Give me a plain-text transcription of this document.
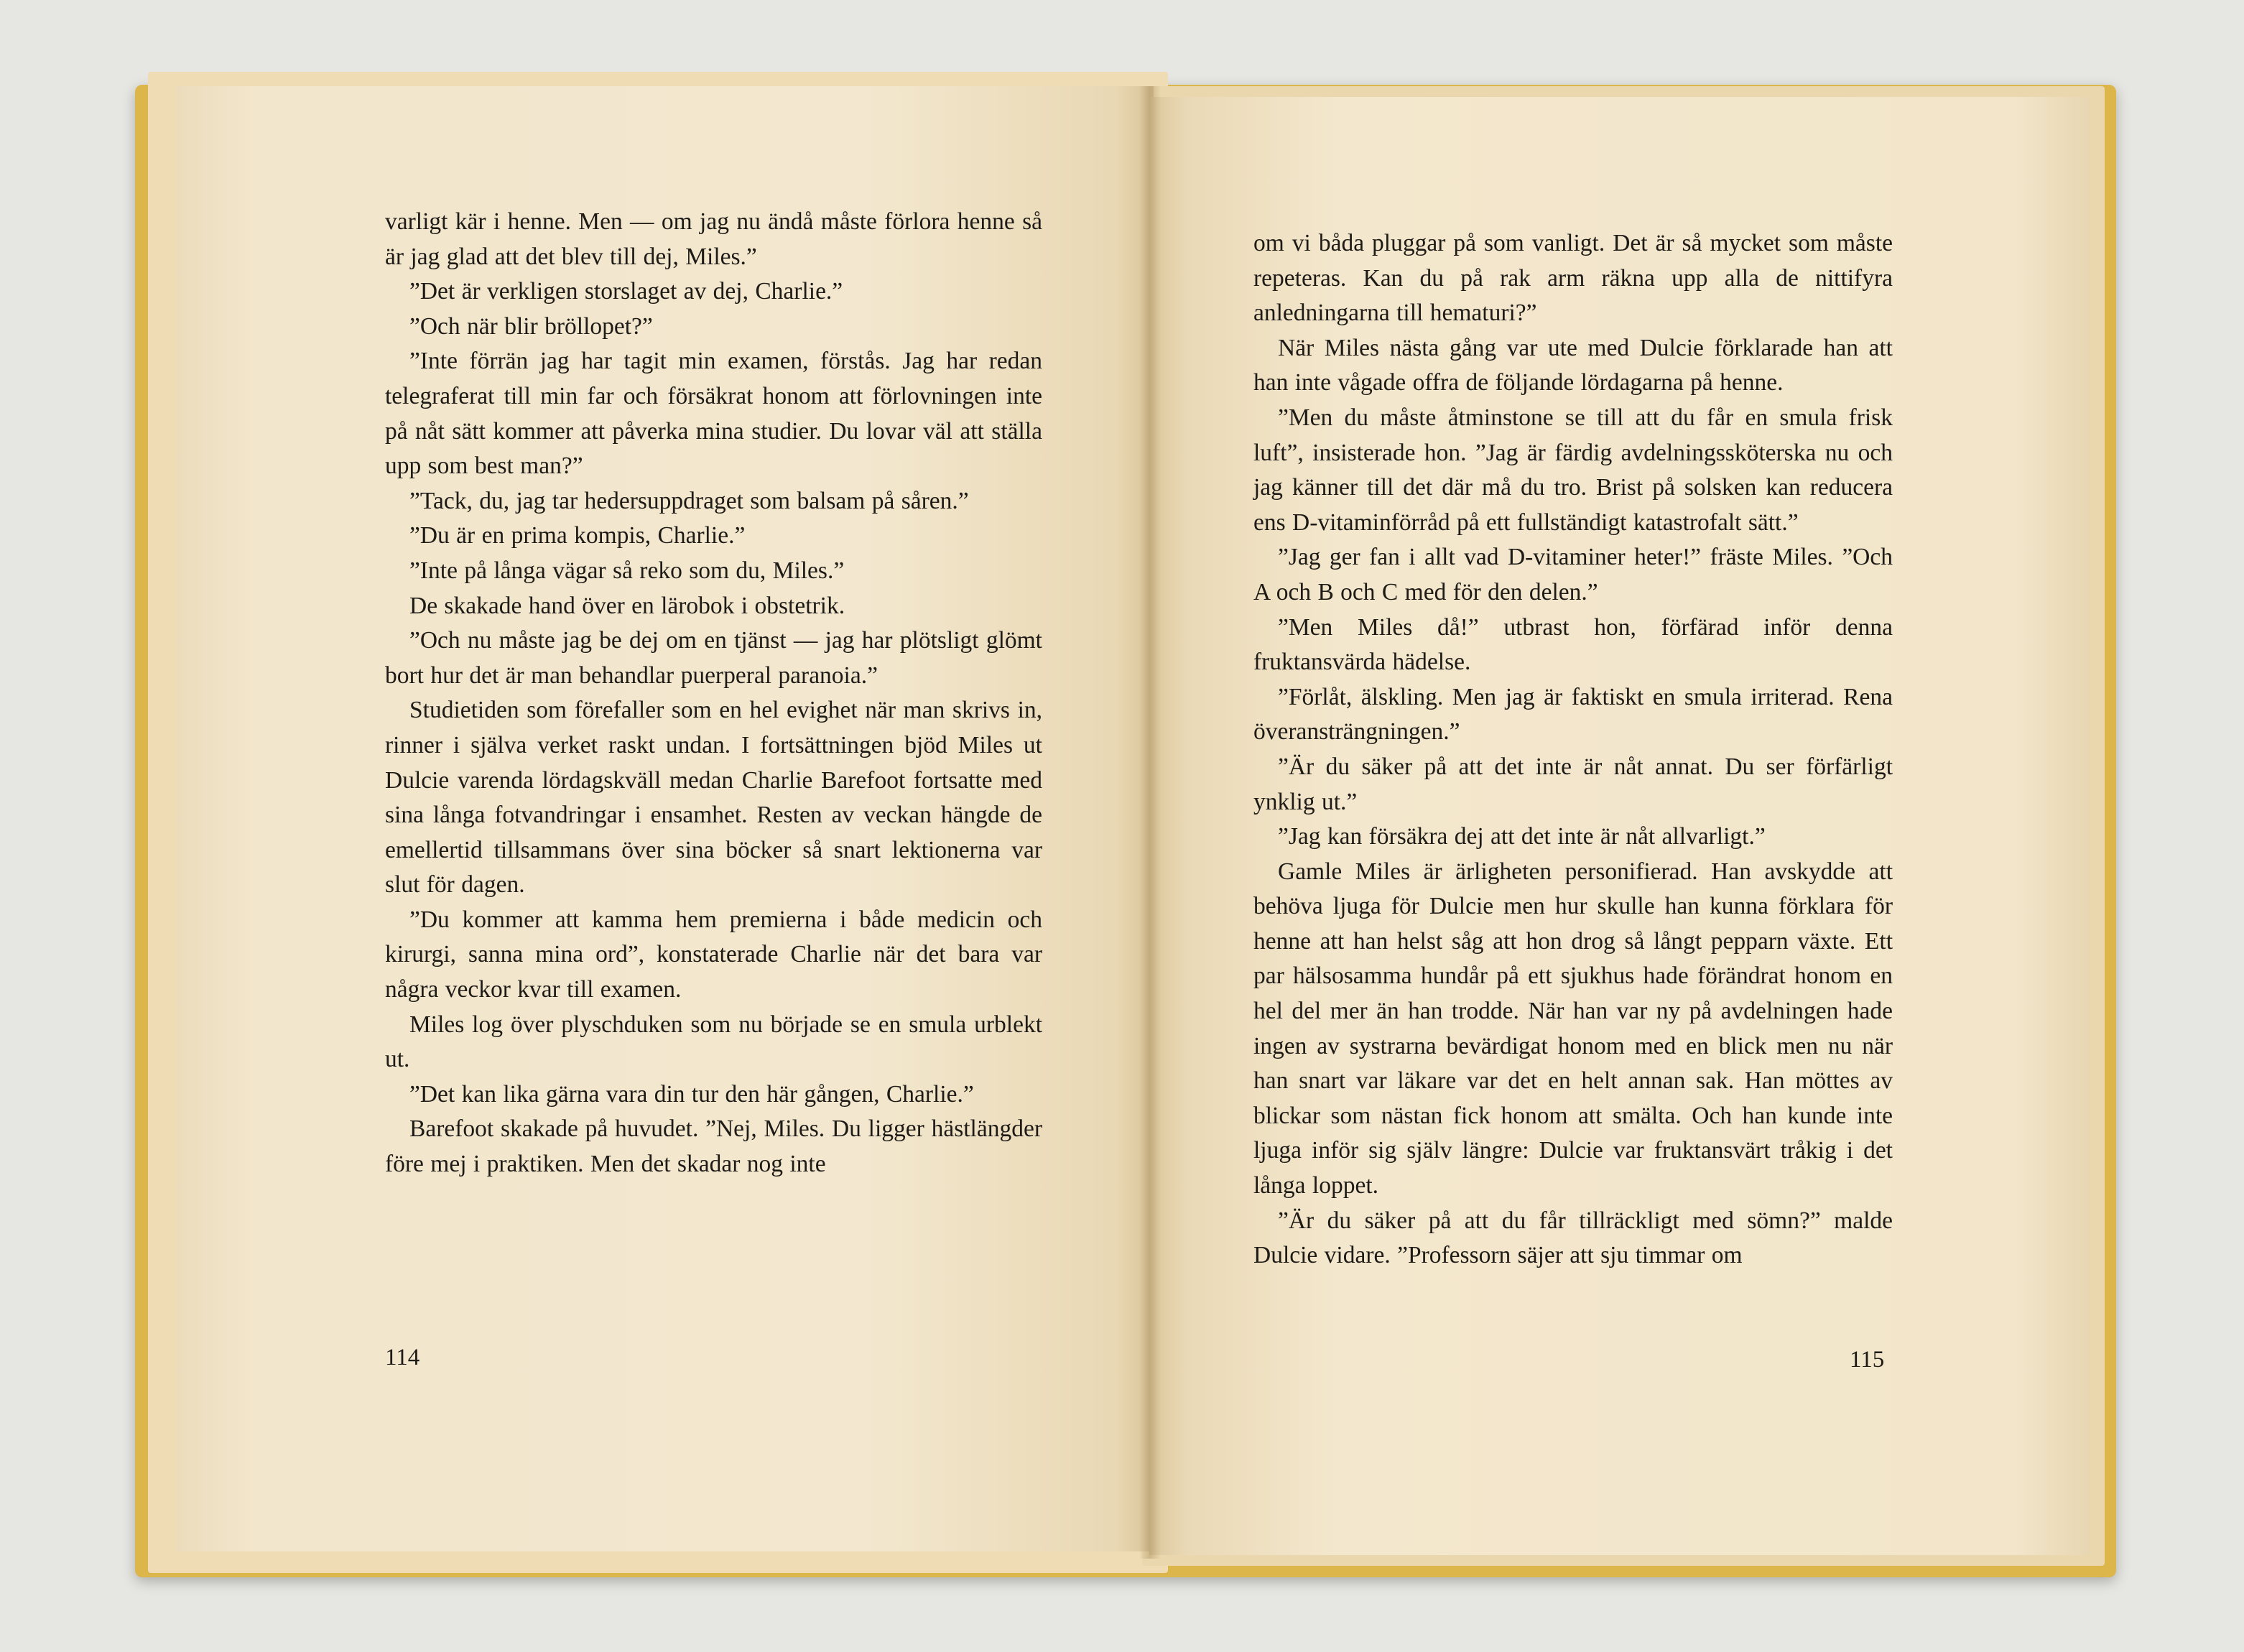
varligt kär i henne. Men — om jag nu ändå måste förlora henne så är jag glad att det blev till dej, Miles.”

”Det är verkligen storslaget av dej, Charlie.”

”Och när blir bröllopet?”

”Inte förrän jag har tagit min examen, förstås. Jag har redan telegraferat till min far och försäkrat honom att förlovningen inte på nåt sätt kommer att påverka mina studier. Du lovar väl att ställa upp som best man?”

”Tack, du, jag tar hedersuppdraget som balsam på såren.”

”Du är en prima kompis, Charlie.”

”Inte på långa vägar så reko som du, Miles.”

De skakade hand över en lärobok i obstetrik.

”Och nu måste jag be dej om en tjänst — jag har plötsligt glömt bort hur det är man behandlar puerperal paranoia.”

Studietiden som förefaller som en hel evighet när man skrivs in, rinner i själva verket raskt undan. I fortsättningen bjöd Miles ut Dulcie varenda lördagskväll medan Charlie Barefoot fortsatte med sina långa fotvandringar i ensamhet. Resten av veckan hängde de emellertid tillsammans över sina böcker så snart lektionerna var slut för dagen.

”Du kommer att kamma hem premierna i både medicin och kirurgi, sanna mina ord”, konstaterade Charlie när det bara var några veckor kvar till examen.

Miles log över plyschduken som nu började se en smula urblekt ut.

”Det kan lika gärna vara din tur den här gången, Charlie.”

Barefoot skakade på huvudet. ”Nej, Miles. Du ligger hästlängder före mej i praktiken. Men det skadar nog inte

114

om vi båda pluggar på som vanligt. Det är så mycket som måste repeteras. Kan du på rak arm räkna upp alla de nittifyra anledningarna till hematuri?”

När Miles nästa gång var ute med Dulcie förklarade han att han inte vågade offra de följande lördagarna på henne.

”Men du måste åtminstone se till att du får en smula frisk luft”, insisterade hon. ”Jag är färdig avdelningssköterska nu och jag känner till det där må du tro. Brist på solsken kan reducera ens D-vitaminförråd på ett fullständigt katastrofalt sätt.”

”Jag ger fan i allt vad D-vitaminer heter!” fräste Miles. ”Och A och B och C med för den delen.”

”Men Miles då!” utbrast hon, förfärad inför denna fruktansvärda hädelse.

”Förlåt, älskling. Men jag är faktiskt en smula irriterad. Rena överansträngningen.”

”Är du säker på att det inte är nåt annat. Du ser förfärligt ynklig ut.”

”Jag kan försäkra dej att det inte är nåt allvarligt.”

Gamle Miles är ärligheten personifierad. Han avskydde att behöva ljuga för Dulcie men hur skulle han kunna förklara för henne att han helst såg att hon drog så långt pepparn växte. Ett par hälsosamma hundår på ett sjukhus hade förändrat honom en hel del mer än han trodde. När han var ny på avdelningen hade ingen av systrarna bevärdigat honom med en blick men nu när han snart var läkare var det en helt annan sak. Han möttes av blickar som nästan fick honom att smälta. Och han kunde inte ljuga inför sig själv längre: Dulcie var fruktansvärt tråkig i det långa loppet.

”Är du säker på att du får tillräckligt med sömn?” malde Dulcie vidare. ”Professorn säjer att sju timmar om

115
